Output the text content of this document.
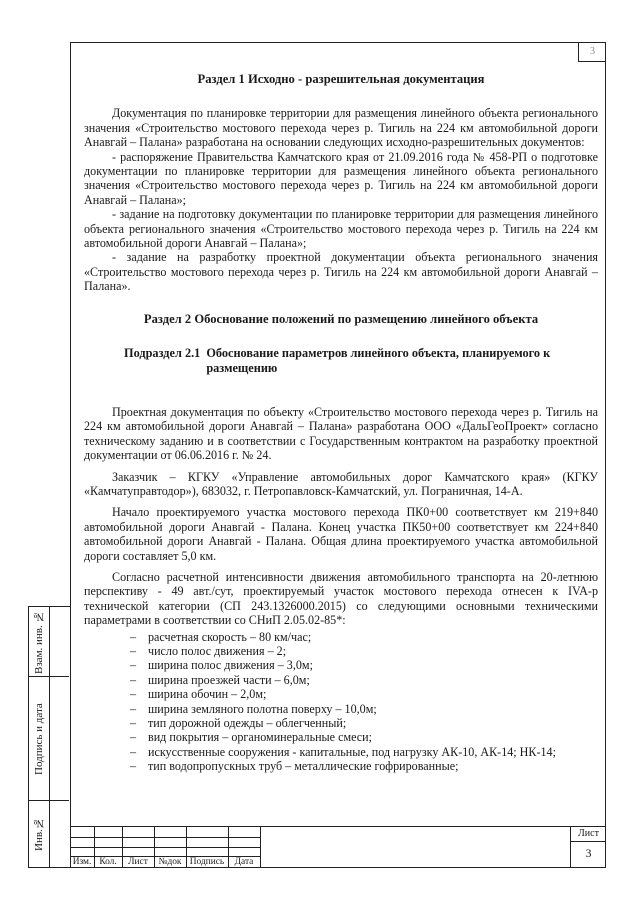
3
Раздел 1 Исходно - разрешительная документация

Документация по планировке территории для размещения линейного объекта регионального значения «Строительство мостового перехода через р. Тигиль на 224 км автомобильной дороги Анавгай – Палана» разработана на основании следующих исходно-разрешительных документов:

- распоряжение Правительства Камчатского края от 21.09.2016 года № 458-РП о подготовке документации по планировке территории для размещения линейного объекта регионального значения «Строительство мостового перехода через р. Тигиль на 224 км автомобильной дороги Анавгай – Палана»;

- задание на подготовку документации по планировке территории для размещения линейного объекта регионального значения «Строительство мостового перехода через р. Тигиль на 224 км автомобильной дороги Анавгай – Палана»;

- задание на разработку проектной документации объекта регионального значения «Строительство мостового перехода через р. Тигиль на 224 км автомобильной дороги Анавгай – Палана».

Раздел 2 Обоснование положений по размещению линейного объекта
Подраздел 2.1 Обоснование параметров линейного объекта, планируемого к размещению

Проектная документация по объекту «Строительство мостового перехода через р. Тигиль на 224 км автомобильной дороги Анавгай – Палана» разработана ООО «ДальГеоПроект» согласно техническому заданию и в соответствии с Государственным контрактом на разработку проектной документации от 06.06.2016 г. № 24.

Заказчик – КГКУ «Управление автомобильных дорог Камчатского края» (КГКУ «Камчатуправтодор»), 683032, г. Петропавловск-Камчатский, ул. Пограничная, 14-А.

Начало проектируемого участка мостового перехода ПК0+00 соответствует км 219+840 автомобильной дороги Анавгай - Палана. Конец участка ПК50+00 соответствует км 224+840 автомобильной дороги Анавгай - Палана. Общая длина проектируемого участка автомобильной дороги составляет 5,0 км.

Согласно расчетной интенсивности движения автомобильного транспорта на 20-летнюю перспективу - 49 авт./сут, проектируемый участок мостового перехода отнесен к IVA-р технической категории (СП 243.1326000.2015) со следующими основными техническими параметрами в соответствии со СНиП 2.05.02-85*:

– расчетная скорость – 80 км/час;
– число полос движения – 2;
– ширина полос движения – 3,0м;
– ширина проезжей части – 6,0м;
– ширина обочин – 2,0м;
– ширина земляного полотна поверху – 10,0м;
– тип дорожной одежды – облегченный;
– вид покрытия – органоминеральные смеси;
– искусственные сооружения - капитальные, под нагрузку АК-10, АК-14; НК-14;
– тип водопропускных труб – металлические гофрированные;
Взам. инв. №
Подпись и дата
Инв.№
Изм. Кол.	Лист	№док Подпись	Дата
Лист
3
